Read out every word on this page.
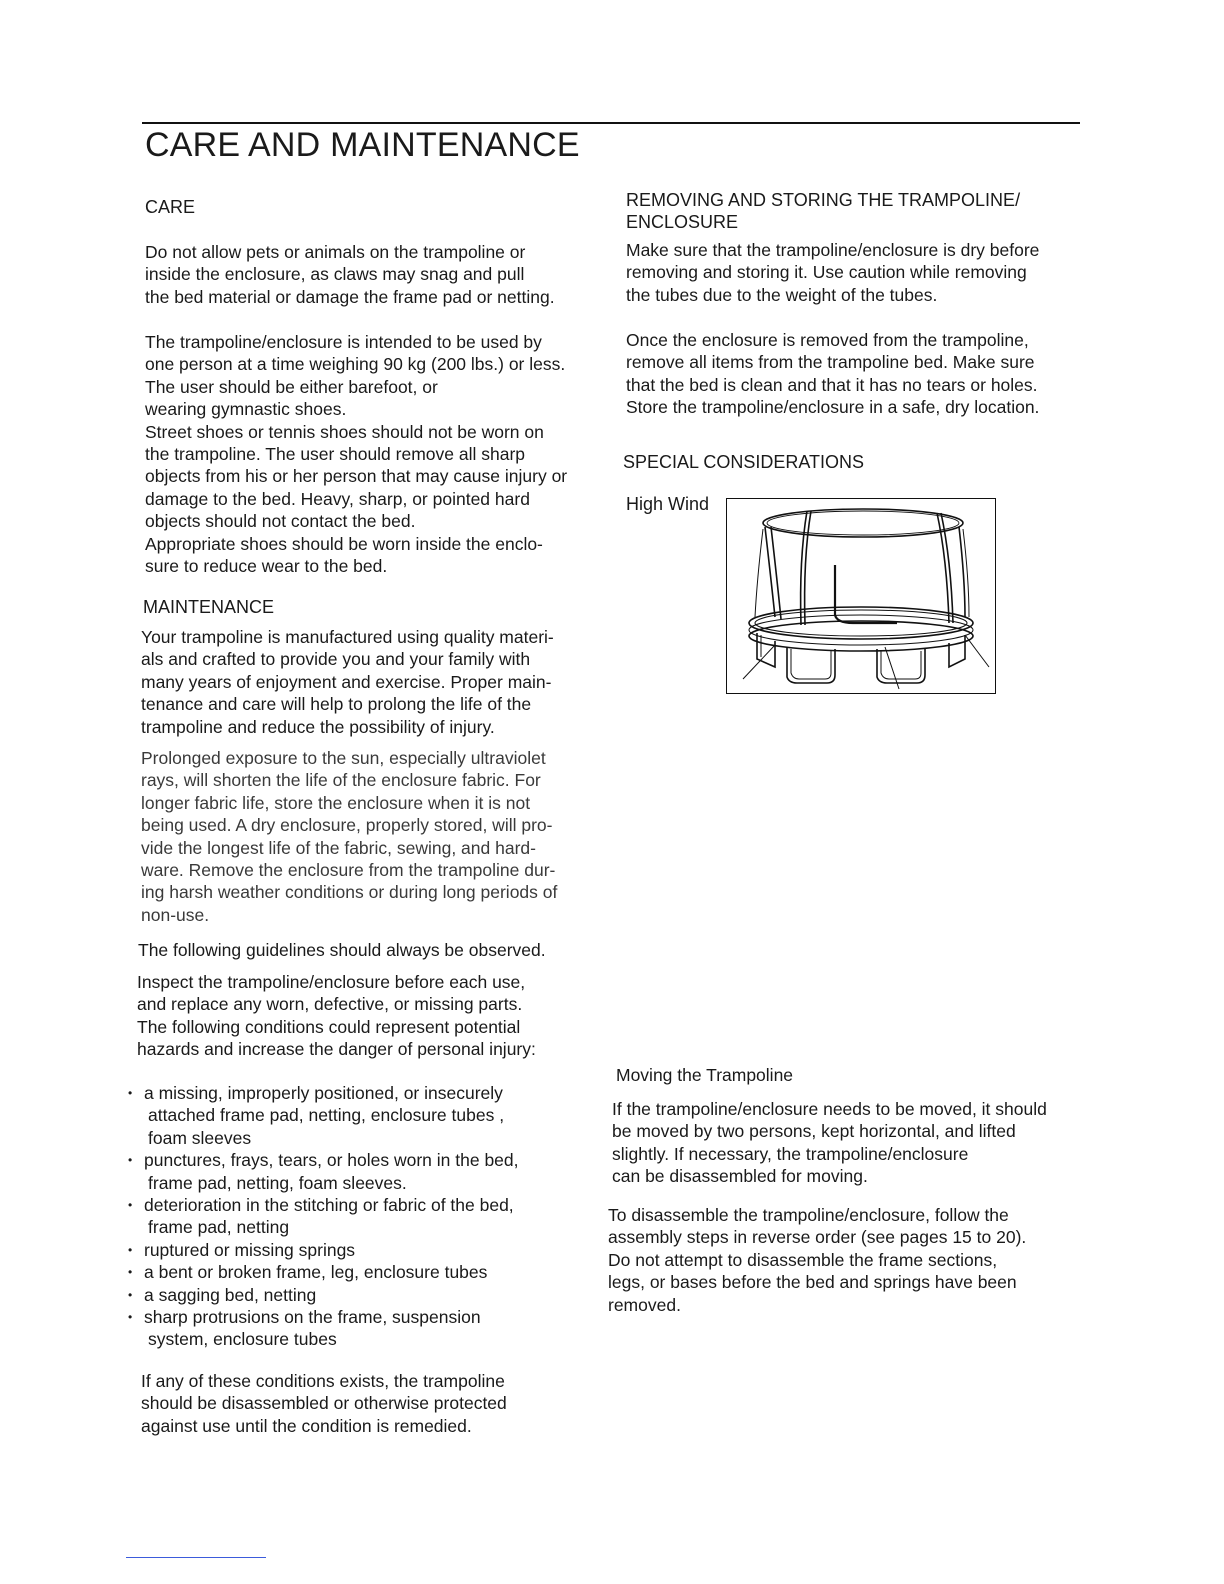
CARE AND MAINTENANCE
CARE
Do not allow pets or animals on the trampoline or
inside the enclosure, as claws may snag and pull
the bed material or damage the frame pad or netting.
The trampoline/enclosure is intended to be used by
one person at a time weighing 90 kg (200 lbs.) or less.
The user should be either barefoot, or
wearing gymnastic shoes.
Street shoes or tennis shoes should not be worn on
the trampoline. The user should remove all sharp
objects from his or her person that may cause injury or
damage to the bed. Heavy, sharp, or pointed hard
objects should not contact the bed.
Appropriate shoes should be worn inside the enclo-
sure to reduce wear to the bed.
MAINTENANCE
Your trampoline is manufactured using quality materi-
als and crafted to provide you and your family with
many years of enjoyment and exercise. Proper main-
tenance and care will help to prolong the life of the
trampoline and reduce the possibility of injury.
Prolonged exposure to the sun, especially ultraviolet
rays, will shorten the life of the enclosure fabric. For
longer fabric life, store the enclosure when it is not
being used. A dry enclosure, properly stored, will pro-
vide the longest life of the fabric, sewing, and hard-
ware. Remove the enclosure from the trampoline dur-
ing harsh weather conditions or during long periods of
non-use.
The following guidelines should always be observed.
Inspect the trampoline/enclosure before each use,
and replace any worn, defective, or missing parts.
The following conditions could represent potential
hazards and increase the danger of personal injury:
• a missing, improperly positioned, or insecurely
attached frame pad, netting, enclosure tubes ,
foam sleeves
• punctures, frays, tears, or holes worn in the bed,
frame pad, netting, foam sleeves.
• deterioration in the stitching or fabric of the bed,
frame pad, netting
• ruptured or missing springs
• a bent or broken frame, leg, enclosure tubes
• a sagging bed, netting
• sharp protrusions on the frame, suspension
system, enclosure tubes
If any of these conditions exists, the trampoline
should be disassembled or otherwise protected
against use until the condition is remedied.
REMOVING AND STORING THE TRAMPOLINE/
ENCLOSURE
Make sure that the trampoline/enclosure is dry before
removing and storing it. Use caution while removing
the tubes due to the weight of the tubes.
Once the enclosure is removed from the trampoline,
remove all items from the trampoline bed. Make sure
that the bed is clean and that it has no tears or holes.
Store the trampoline/enclosure in a safe, dry location.
SPECIAL CONSIDERATIONS
High Wind
Moving the Trampoline
If the trampoline/enclosure needs to be moved, it should
be moved by two persons, kept horizontal, and lifted
slightly. If necessary, the trampoline/enclosure
can be disassembled for moving.
To disassemble the trampoline/enclosure, follow the
assembly steps in reverse order (see pages 15 to 20).
Do not attempt to disassemble the frame sections,
legs, or bases before the bed and springs have been
removed.
